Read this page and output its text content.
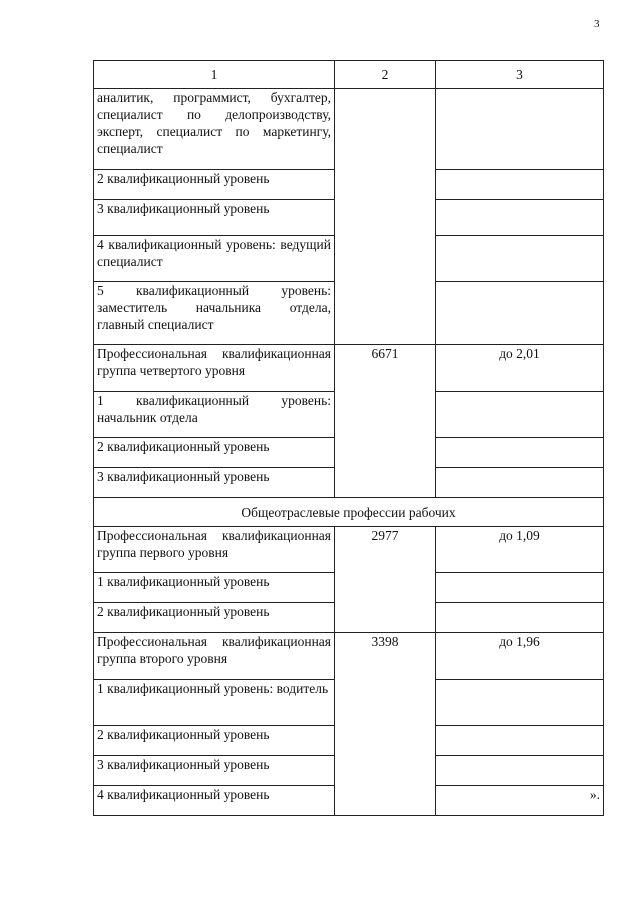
3
1	2	3
аналитик, программист, бухгалтер, специалист по делопроизводству, эксперт, специалист по маркетингу, специалист		
2 квалификационный уровень		
3 квалификационный уровень		
4 квалификационный уровень: ведущий специалист		
5 квалификационный уровень: заместитель начальника отдела, главный специалист		
Профессиональная квалификационная группа четвертого уровня	6671	до 2,01
1 квалификационный уровень: начальник отдела		
2 квалификационный уровень		
3 квалификационный уровень		
Общеотраслевые профессии рабочих		
Профессиональная квалификационная группа первого уровня	2977	до 1,09
1 квалификационный уровень		
2 квалификационный уровень		
Профессиональная квалификационная группа второго уровня	3398	до 1,96
1 квалификационный уровень: водитель		
2 квалификационный уровень		
3 квалификационный уровень		
4 квалификационный уровень		».
